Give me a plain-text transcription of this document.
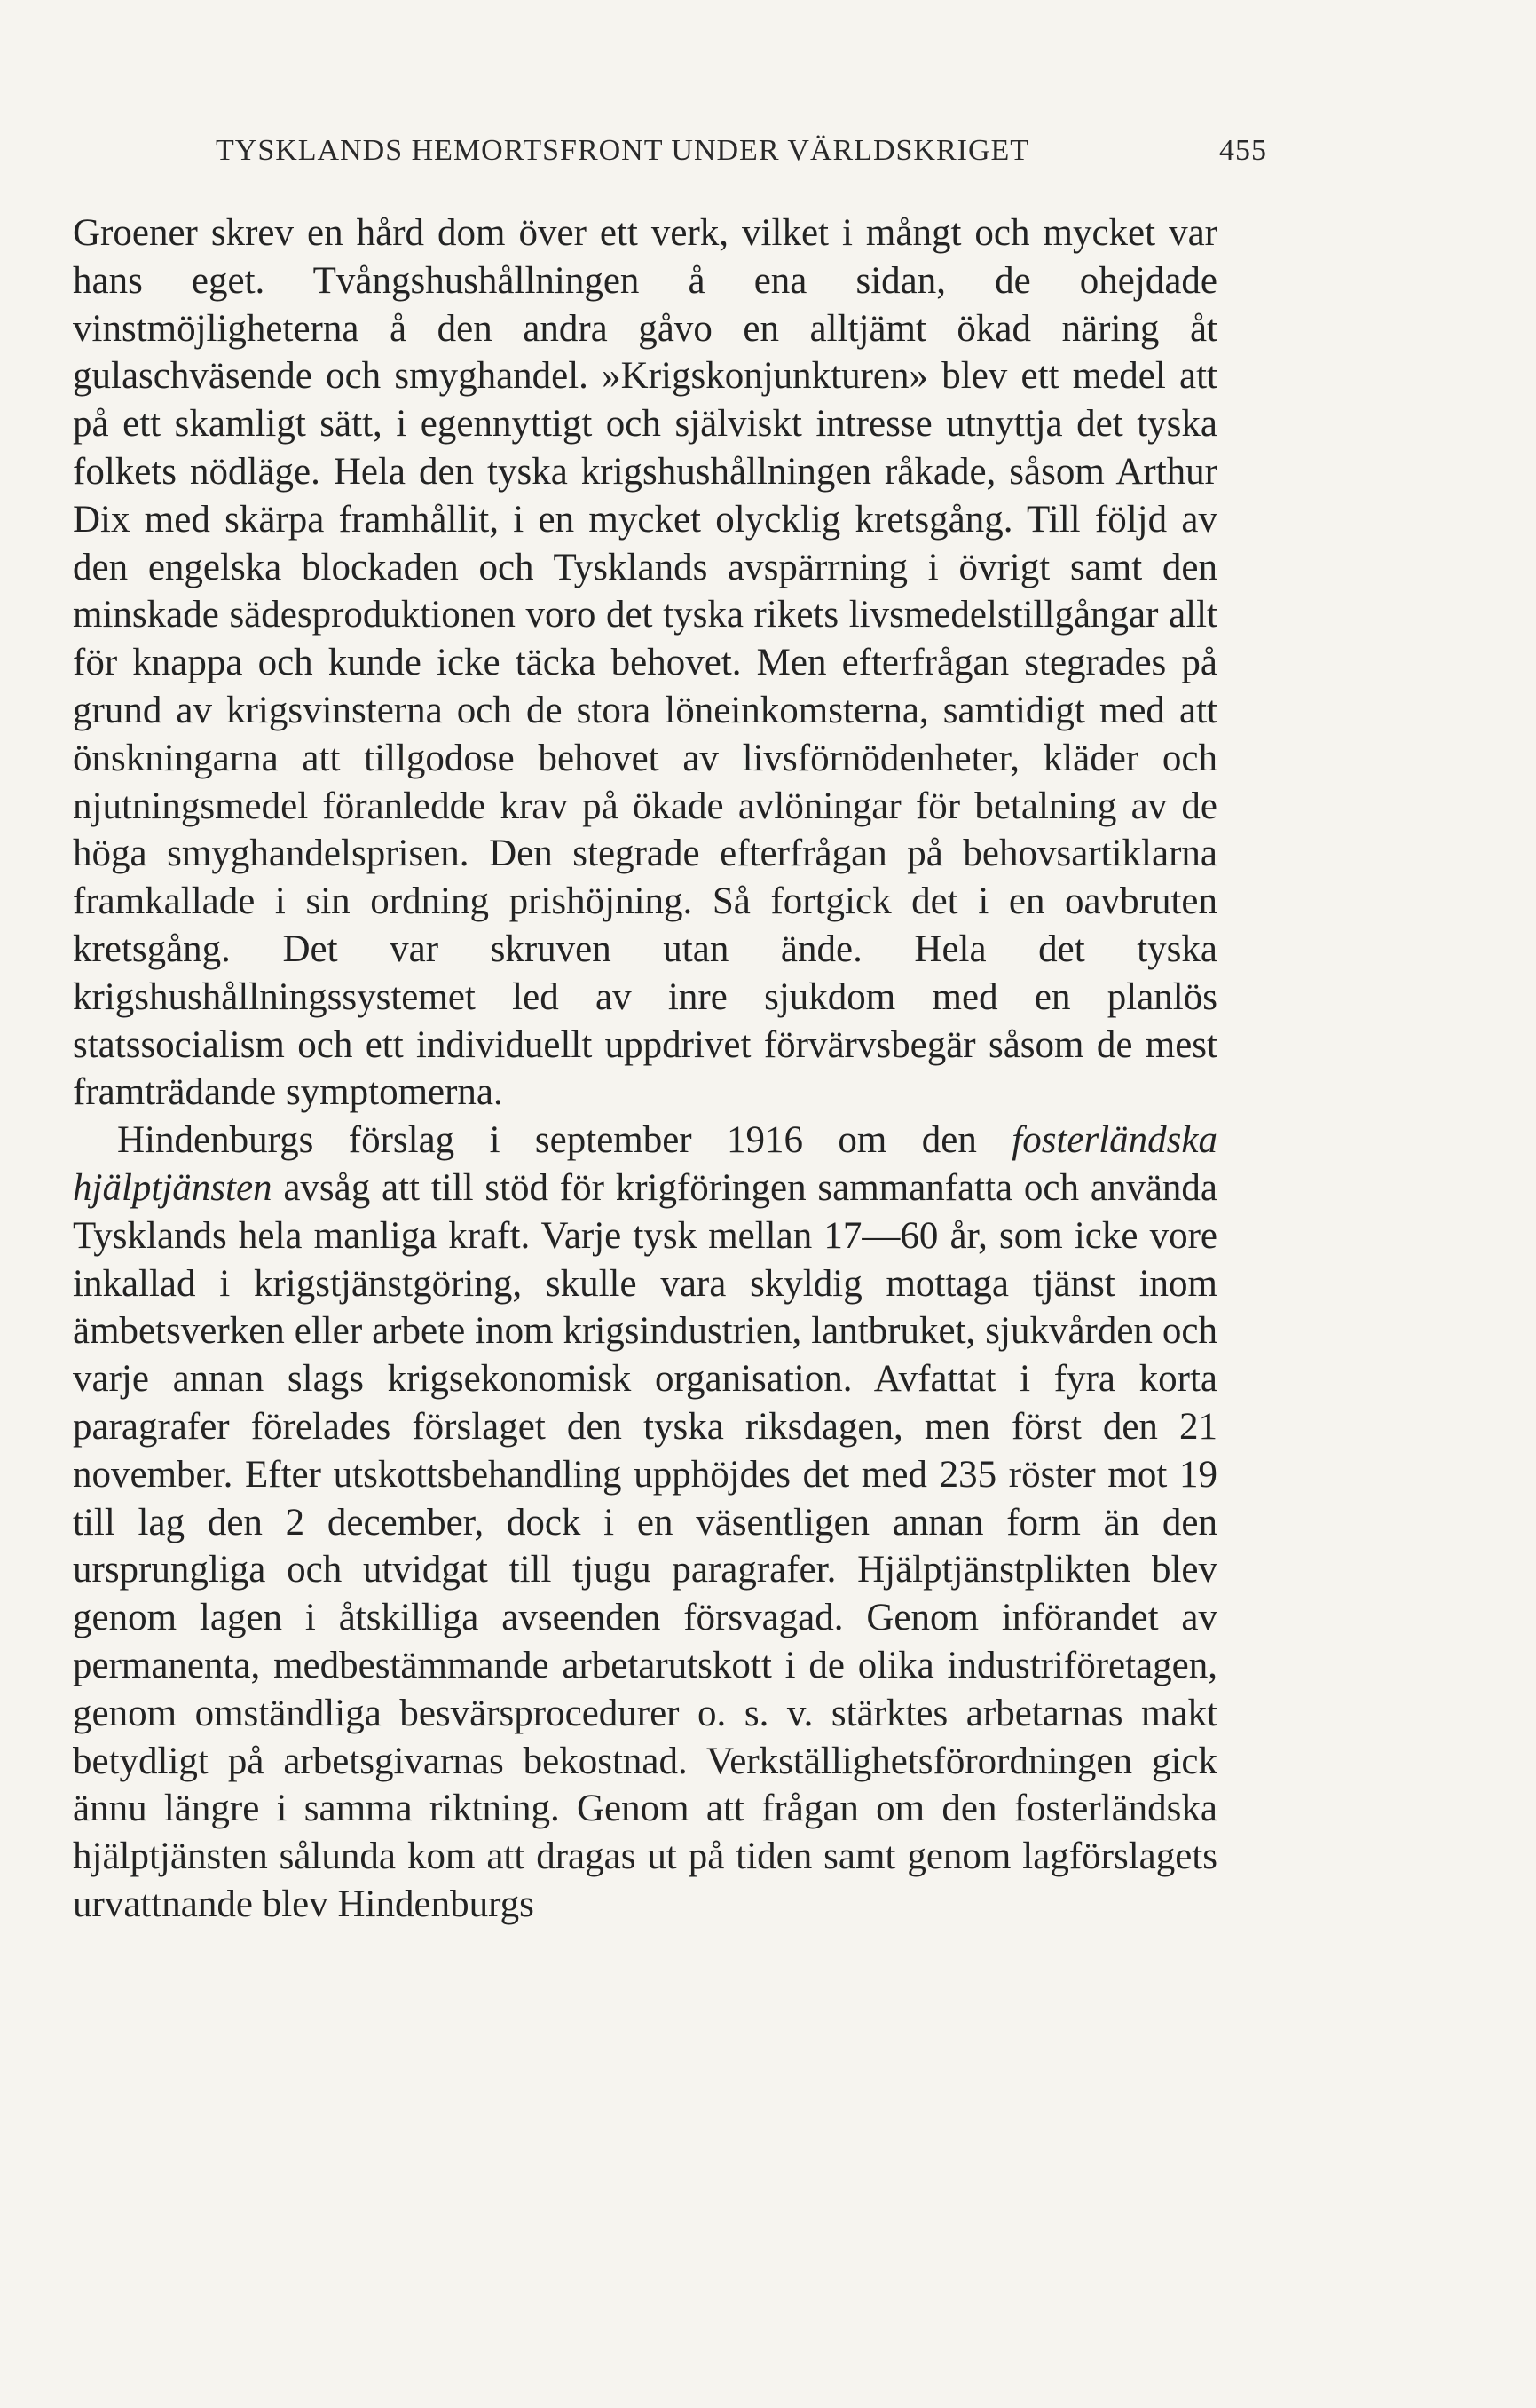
TYSKLANDS HEMORTSFRONT UNDER VÄRLDSKRIGET	455

Groener skrev en hård dom över ett verk, vilket i mångt och mycket var hans eget. Tvångshushållningen å ena sidan, de ohejdade vinstmöjligheterna å den andra gåvo en alltjämt ökad näring åt gulaschväsende och smyghandel. »Krigskonjunkturen» blev ett medel att på ett skamligt sätt, i egennyttigt och själviskt intresse utnyttja det tyska folkets nödläge. Hela den tyska krigshushållningen råkade, såsom Arthur Dix med skärpa framhållit, i en mycket olycklig kretsgång. Till följd av den engelska blockaden och Tysklands avspärrning i övrigt samt den minskade sädesproduktionen voro det tyska rikets livsmedelstillgångar allt för knappa och kunde icke täcka behovet. Men efterfrågan stegrades på grund av krigsvinsterna och de stora löneinkomsterna, samtidigt med att önskningarna att tillgodose behovet av livsförnödenheter, kläder och njutningsmedel föranledde krav på ökade avlöningar för betalning av de höga smyghandelsprisen. Den stegrade efterfrågan på behovsartiklarna framkallade i sin ordning prishöjning. Så fortgick det i en oavbruten kretsgång. Det var skruven utan ände. Hela det tyska krigshushållningssystemet led av inre sjukdom med en planlös statssocialism och ett individuellt uppdrivet förvärvsbegär såsom de mest framträdande symptomerna.

Hindenburgs förslag i september 1916 om den fosterländska hjälptjänsten avsåg att till stöd för krigföringen sammanfatta och använda Tysklands hela manliga kraft. Varje tysk mellan 17—60 år, som icke vore inkallad i krigstjänstgöring, skulle vara skyldig mottaga tjänst inom ämbetsverken eller arbete inom krigsindustrien, lantbruket, sjukvården och varje annan slags krigsekonomisk organisation. Avfattat i fyra korta paragrafer förelades förslaget den tyska riksdagen, men först den 21 november. Efter utskottsbehandling upphöjdes det med 235 röster mot 19 till lag den 2 december, dock i en väsentligen annan form än den ursprungliga och utvidgat till tjugu paragrafer. Hjälptjänstplikten blev genom lagen i åtskilliga avseenden försvagad. Genom införandet av permanenta, medbestämmande arbetarutskott i de olika industriföretagen, genom omständliga besvärsprocedurer o. s. v. stärktes arbetarnas makt betydligt på arbetsgivarnas bekostnad. Verkställighetsförordningen gick ännu längre i samma riktning. Genom att frågan om den fosterländska hjälptjänsten sålunda kom att dragas ut på tiden samt genom lagförslagets urvattnande blev Hindenburgs
